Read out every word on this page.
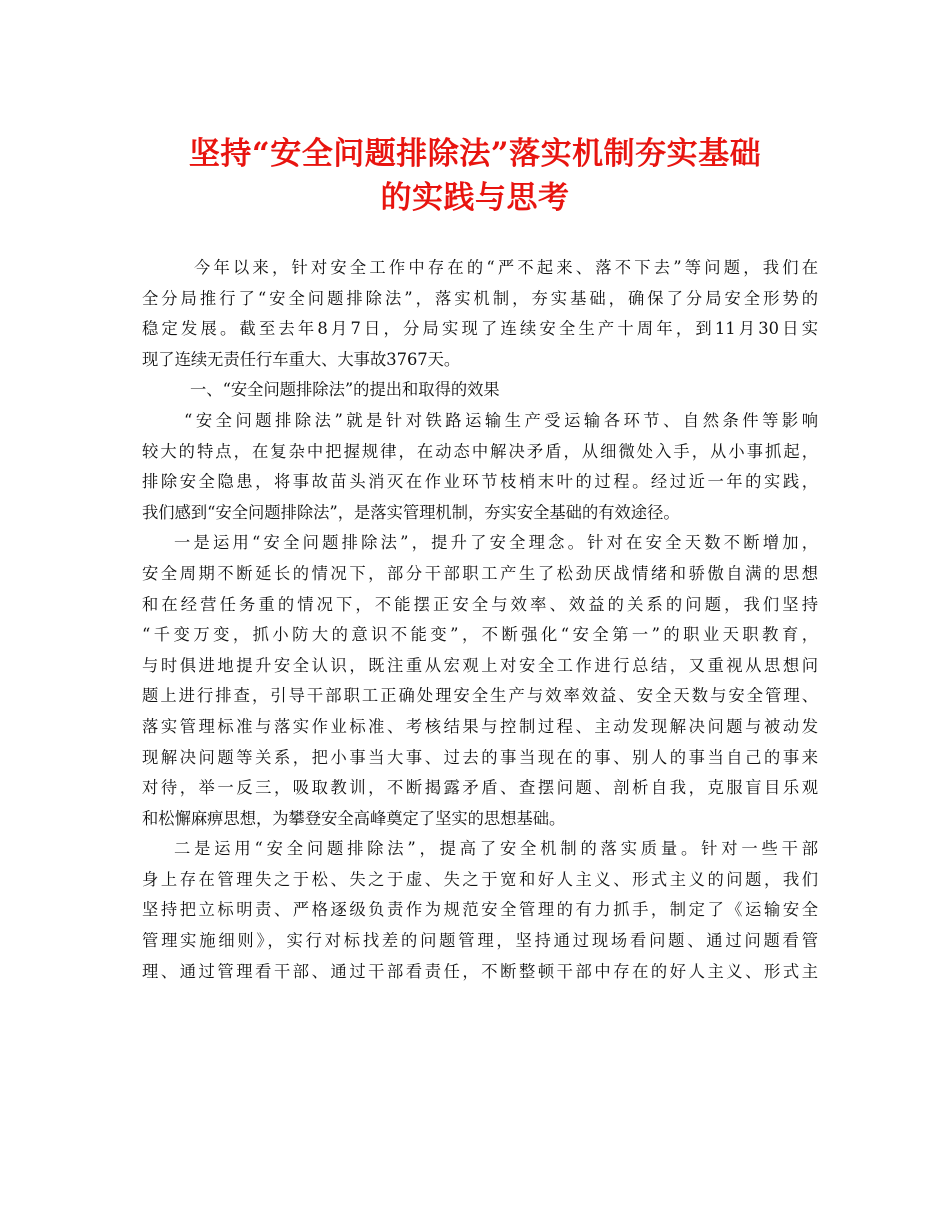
坚持“安全问题排除法”落实机制夯实基础
的实践与思考
今年以来，针对安全工作中存在的“严不起来、落不下去”等问题，我们在
全分局推行了“安全问题排除法”，落实机制，夯实基础，确保了分局安全形势的
稳定发展。截至去年8月7日，分局实现了连续安全生产十周年，到11月30日实
现了连续无责任行车重大、大事故3767天。
一、“安全问题排除法”的提出和取得的效果
“安全问题排除法”就是针对铁路运输生产受运输各环节、自然条件等影响
较大的特点，在复杂中把握规律，在动态中解决矛盾，从细微处入手，从小事抓起，
排除安全隐患，将事故苗头消灭在作业环节枝梢末叶的过程。经过近一年的实践，
我们感到“安全问题排除法”，是落实管理机制，夯实安全基础的有效途径。
一是运用“安全问题排除法”，提升了安全理念。针对在安全天数不断增加，
安全周期不断延长的情况下，部分干部职工产生了松劲厌战情绪和骄傲自满的思想
和在经营任务重的情况下，不能摆正安全与效率、效益的关系的问题，我们坚持
“千变万变，抓小防大的意识不能变”，不断强化“安全第一”的职业天职教育，
与时俱进地提升安全认识，既注重从宏观上对安全工作进行总结，又重视从思想问
题上进行排查，引导干部职工正确处理安全生产与效率效益、安全天数与安全管理、
落实管理标准与落实作业标准、考核结果与控制过程、主动发现解决问题与被动发
现解决问题等关系，把小事当大事、过去的事当现在的事、别人的事当自己的事来
对待，举一反三，吸取教训，不断揭露矛盾、查摆问题、剖析自我，克服盲目乐观
和松懈麻痹思想，为攀登安全高峰奠定了坚实的思想基础。
二是运用“安全问题排除法”，提高了安全机制的落实质量。针对一些干部
身上存在管理失之于松、失之于虚、失之于宽和好人主义、形式主义的问题，我们
坚持把立标明责、严格逐级负责作为规范安全管理的有力抓手，制定了《运输安全
管理实施细则》，实行对标找差的问题管理，坚持通过现场看问题、通过问题看管
理、通过管理看干部、通过干部看责任，不断整顿干部中存在的好人主义、形式主
